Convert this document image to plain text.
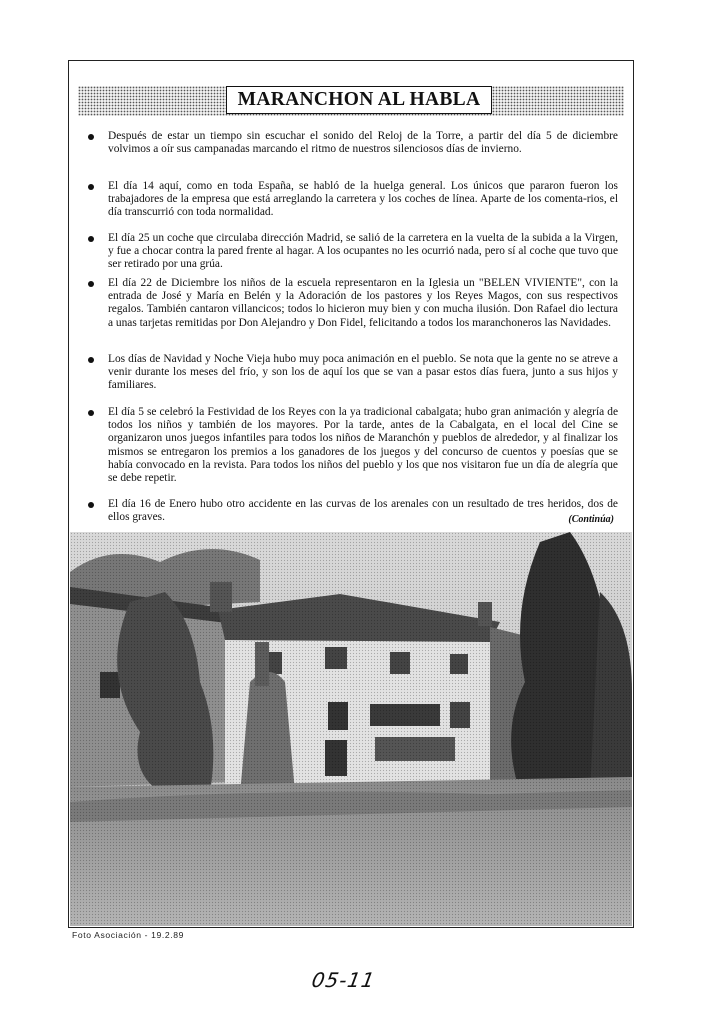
MARANCHON AL HABLA
Después de estar un tiempo sin escuchar el sonido del Reloj de la Torre, a partir del día 5 de diciembre volvimos a oír sus campanadas marcando el ritmo de nuestros silenciosos días de invierno.
El día 14 aquí, como en toda España, se habló de la huelga general. Los únicos que pararon fueron los trabajadores de la empresa que está arreglando la carretera y los coches de línea. Aparte de los comenta-rios, el día transcurrió con toda normalidad.
El día 25 un coche que circulaba dirección Madrid, se salió de la carretera en la vuelta de la subida a la Virgen, y fue a chocar contra la pared frente al hagar. A los ocupantes no les ocurrió nada, pero sí al coche que tuvo que ser retirado por una grúa.
El día 22 de Diciembre los niños de la escuela representaron en la Iglesia un "BELEN VIVIENTE", con la entrada de José y María en Belén y la Adoración de los pastores y los Reyes Magos, con sus respectivos regalos. También cantaron villancicos; todos lo hicieron muy bien y con mucha ilusión. Don Rafael dio lectura a unas tarjetas remitidas por Don Alejandro y Don Fidel, felicitando a todos los maranchoneros las Navidades.
Los días de Navidad y Noche Vieja hubo muy poca animación en el pueblo. Se nota que la gente no se atreve a venir durante los meses del frío, y son los de aquí los que se van a pasar estos días fuera, junto a sus hijos y familiares.
El día 5 se celebró la Festividad de los Reyes con la ya tradicional cabalgata; hubo gran animación y alegría de todos los niños y también de los mayores. Por la tarde, antes de la Cabalgata, en el local del Cine se organizaron unos juegos infantiles para todos los niños de Maranchón y pueblos de alrededor, y al finalizar los mismos se entregaron los premios a los ganadores de los juegos y del concurso de cuentos y poesías que se había convocado en la revista. Para todos los niños del pueblo y los que nos visitaron fue un día de alegría que se debe repetir.
El día 16 de Enero hubo otro accidente en las curvas de los arenales con un resultado de tres heridos, dos de ellos graves.	(Continúa)
Foto Asociación - 19.2.89
05-11
